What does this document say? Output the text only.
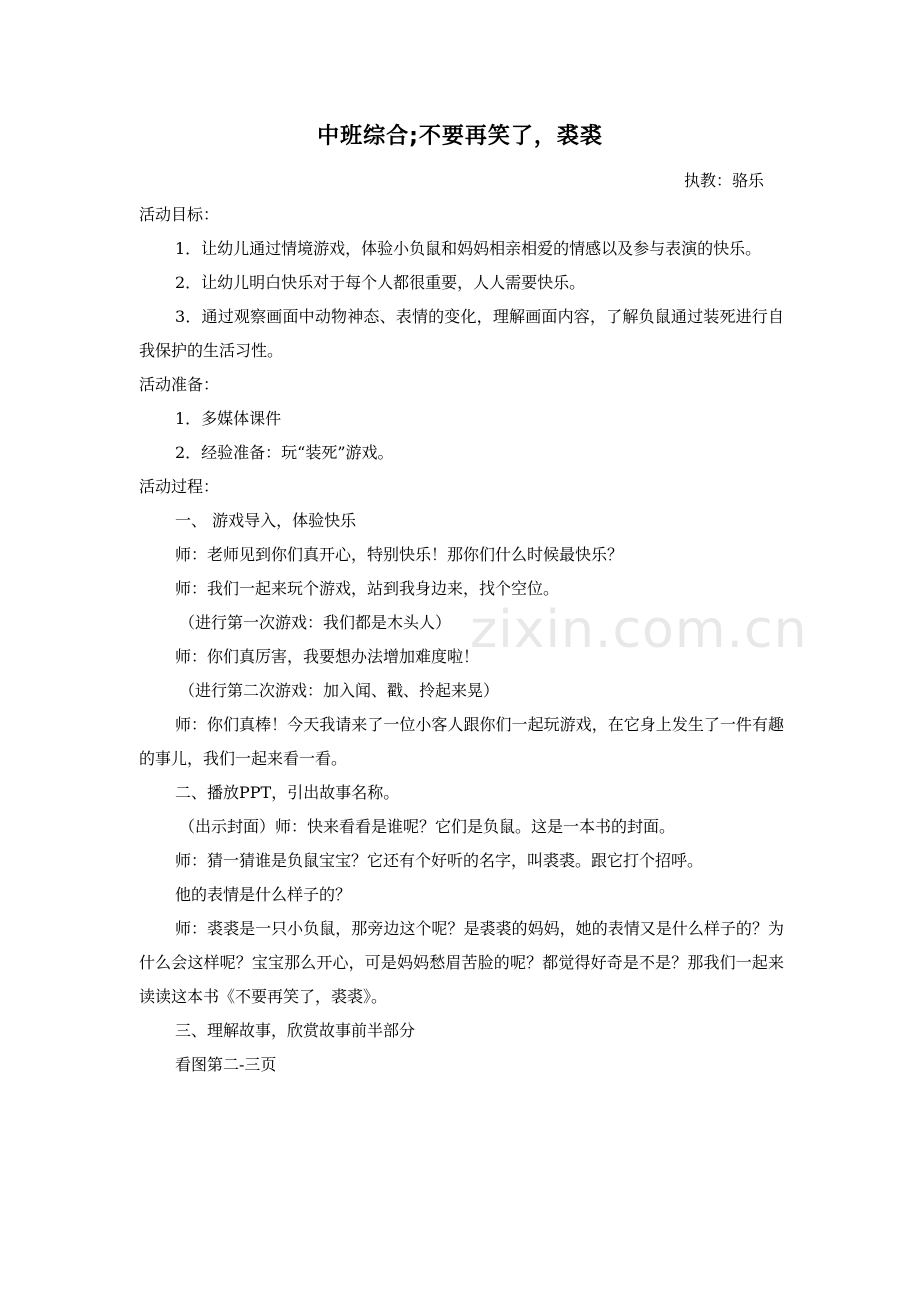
zixin.com.cn
中班综合;不要再笑了，裘裘
执教：骆乐
活动目标：
1．让幼儿通过情境游戏，体验小负鼠和妈妈相亲相爱的情感以及参与表演的快乐。
2．让幼儿明白快乐对于每个人都很重要，人人需要快乐。
3．通过观察画面中动物神态、表情的变化，理解画面内容，了解负鼠通过装死进行自我保护的生活习性。
活动准备：
1．多媒体课件
2．经验准备：玩“装死”游戏。
活动过程：
一、 游戏导入，体验快乐
师：老师见到你们真开心，特别快乐！那你们什么时候最快乐？
师：我们一起来玩个游戏，站到我身边来，找个空位。
（进行第一次游戏：我们都是木头人）
师：你们真厉害，我要想办法增加难度啦！
（进行第二次游戏：加入闻、戳、拎起来晃）
师：你们真棒！今天我请来了一位小客人跟你们一起玩游戏，在它身上发生了一件有趣的事儿，我们一起来看一看。
二、播放PPT，引出故事名称。
（出示封面）师：快来看看是谁呢？它们是负鼠。这是一本书的封面。
师：猜一猜谁是负鼠宝宝？它还有个好听的名字，叫裘裘。跟它打个招呼。
他的表情是什么样子的？
师：裘裘是一只小负鼠，那旁边这个呢？是裘裘的妈妈，她的表情又是什么样子的？为什么会这样呢？宝宝那么开心，可是妈妈愁眉苦脸的呢？都觉得好奇是不是？那我们一起来读读这本书《不要再笑了，裘裘》。
三、理解故事，欣赏故事前半部分
看图第二-三页
